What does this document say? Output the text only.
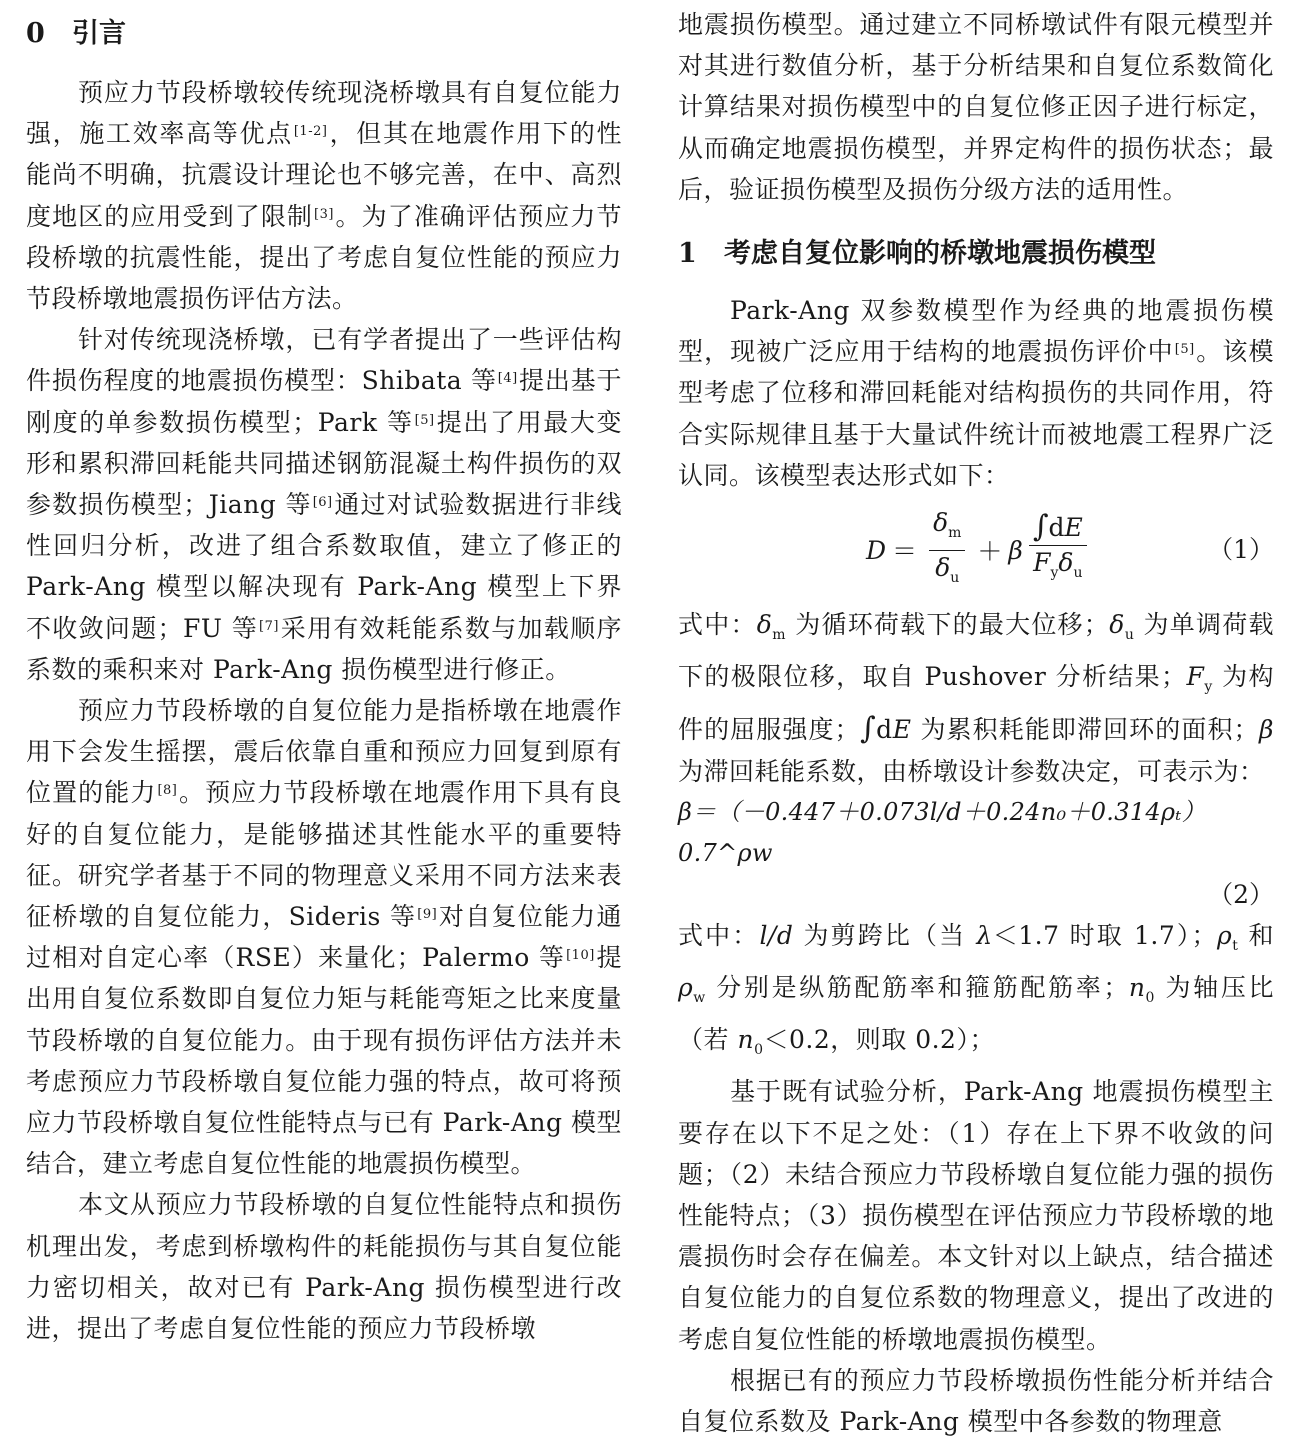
0 引言

预应力节段桥墩较传统现浇桥墩具有自复位能力强，施工效率高等优点[1-2]，但其在地震作用下的性能尚不明确，抗震设计理论也不够完善，在中、高烈度地区的应用受到了限制[3]。为了准确评估预应力节段桥墩的抗震性能，提出了考虑自复位性能的预应力节段桥墩地震损伤评估方法。

针对传统现浇桥墩，已有学者提出了一些评估构件损伤程度的地震损伤模型：Shibata 等[4]提出基于刚度的单参数损伤模型；Park 等[5]提出了用最大变形和累积滞回耗能共同描述钢筋混凝土构件损伤的双参数损伤模型；Jiang 等[6]通过对试验数据进行非线性回归分析，改进了组合系数取值，建立了修正的 Park-Ang 模型以解决现有 Park-Ang 模型上下界不收敛问题；FU 等[7]采用有效耗能系数与加载顺序系数的乘积来对 Park-Ang 损伤模型进行修正。

预应力节段桥墩的自复位能力是指桥墩在地震作用下会发生摇摆，震后依靠自重和预应力回复到原有位置的能力[8]。预应力节段桥墩在地震作用下具有良好的自复位能力，是能够描述其性能水平的重要特征。研究学者基于不同的物理意义采用不同方法来表征桥墩的自复位能力，Sideris 等[9]对自复位能力通过相对自定心率（RSE）来量化；Palermo 等[10]提出用自复位系数即自复位力矩与耗能弯矩之比来度量节段桥墩的自复位能力。由于现有损伤评估方法并未考虑预应力节段桥墩自复位能力强的特点，故可将预应力节段桥墩自复位性能特点与已有 Park-Ang 模型结合，建立考虑自复位性能的地震损伤模型。

本文从预应力节段桥墩的自复位性能特点和损伤机理出发，考虑到桥墩构件的耗能损伤与其自复位能力密切相关，故对已有 Park-Ang 损伤模型进行改进，提出了考虑自复位性能的预应力节段桥墩

地震损伤模型。通过建立不同桥墩试件有限元模型并对其进行数值分析，基于分析结果和自复位系数简化计算结果对损伤模型中的自复位修正因子进行标定，从而确定地震损伤模型，并界定构件的损伤状态；最后，验证损伤模型及损伤分级方法的适用性。

1 考虑自复位影响的桥墩地震损伤模型

Park-Ang 双参数模型作为经典的地震损伤模型，现被广泛应用于结构的地震损伤评价中[5]。该模型考虑了位移和滞回耗能对结构损伤的共同作用，符合实际规律且基于大量试件统计而被地震工程界广泛认同。该模型表达形式如下：

$D = \frac{\delta_m}{\delta_u} + \beta \frac{\int dE}{F_y\delta_u}$	（1）

式中：$\delta_m$ 为循环荷载下的最大位移；$\delta_u$ 为单调荷载下的极限位移，取自 Pushover 分析结果；$F_y$ 为构件的屈服强度；∫dE 为累积耗能即滞回环的面积；β 为滞回耗能系数，由桥墩设计参数决定，可表示为：

β＝（－0.447＋0.073l/d＋0.24n₀＋0.314ρₜ）0.7^ρw
（2）

式中：l/d 为剪跨比（当 λ＜1.7 时取 1.7）；$\rho_t$ 和 $\rho_w$ 分别是纵筋配筋率和箍筋配筋率；$n_0$ 为轴压比（若 $n_0<0.2$，则取 0.2）；

基于既有试验分析，Park-Ang 地震损伤模型主要存在以下不足之处：（1）存在上下界不收敛的问题；（2）未结合预应力节段桥墩自复位能力强的损伤性能特点；（3）损伤模型在评估预应力节段桥墩的地震损伤时会存在偏差。本文针对以上缺点，结合描述自复位能力的自复位系数的物理意义，提出了改进的考虑自复位性能的桥墩地震损伤模型。

根据已有的预应力节段桥墩损伤性能分析并结合自复位系数及 Park-Ang 模型中各参数的物理意
